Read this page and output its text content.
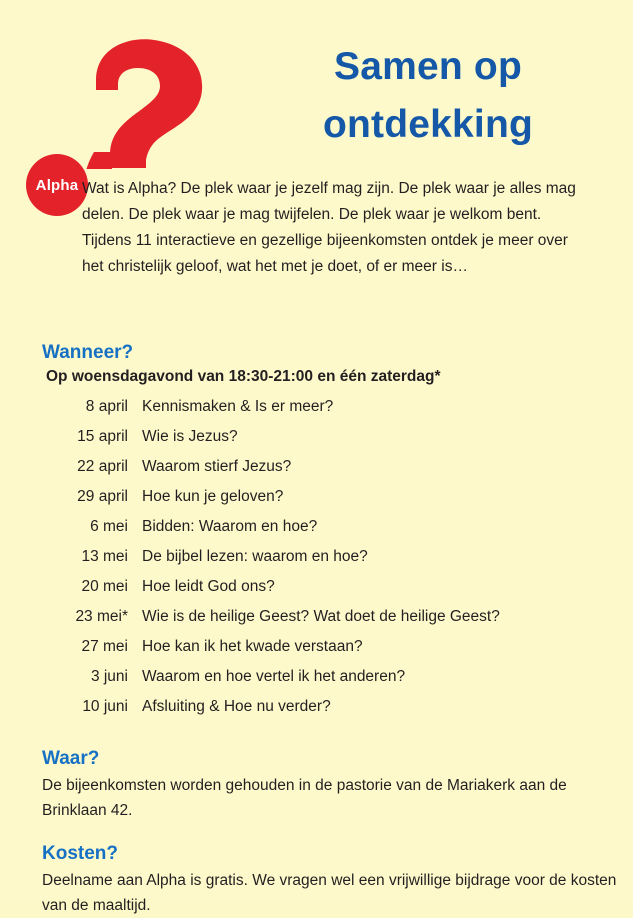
Alpha
Samen op
ontdekking
Wat is Alpha? De plek waar je jezelf mag zijn. De plek waar je alles mag delen. De plek waar je mag twijfelen. De plek waar je welkom bent. Tijdens 11 interactieve en gezellige bijeenkomsten ontdek je meer over het christelijk geloof, wat het met je doet, of er meer is…
Wanneer?
Op woensdagavond van 18:30-21:00 en één zaterdag*
8 april Kennismaken & Is er meer?
15 april Wie is Jezus?
22 april Waarom stierf Jezus?
29 april Hoe kun je geloven?
6 mei Bidden: Waarom en hoe?
13 mei De bijbel lezen: waarom en hoe?
20 mei Hoe leidt God ons?
23 mei* Wie is de heilige Geest? Wat doet de heilige Geest?
27 mei Hoe kan ik het kwade verstaan?
3 juni Waarom en hoe vertel ik het anderen?
10 juni Afsluiting & Hoe nu verder?
Waar?

De bijeenkomsten worden gehouden in de pastorie van de Mariakerk aan de Brinklaan 42.

Kosten?

Deelname aan Alpha is gratis. We vragen wel een vrijwillige bijdrage voor de kosten van de maaltijd.
